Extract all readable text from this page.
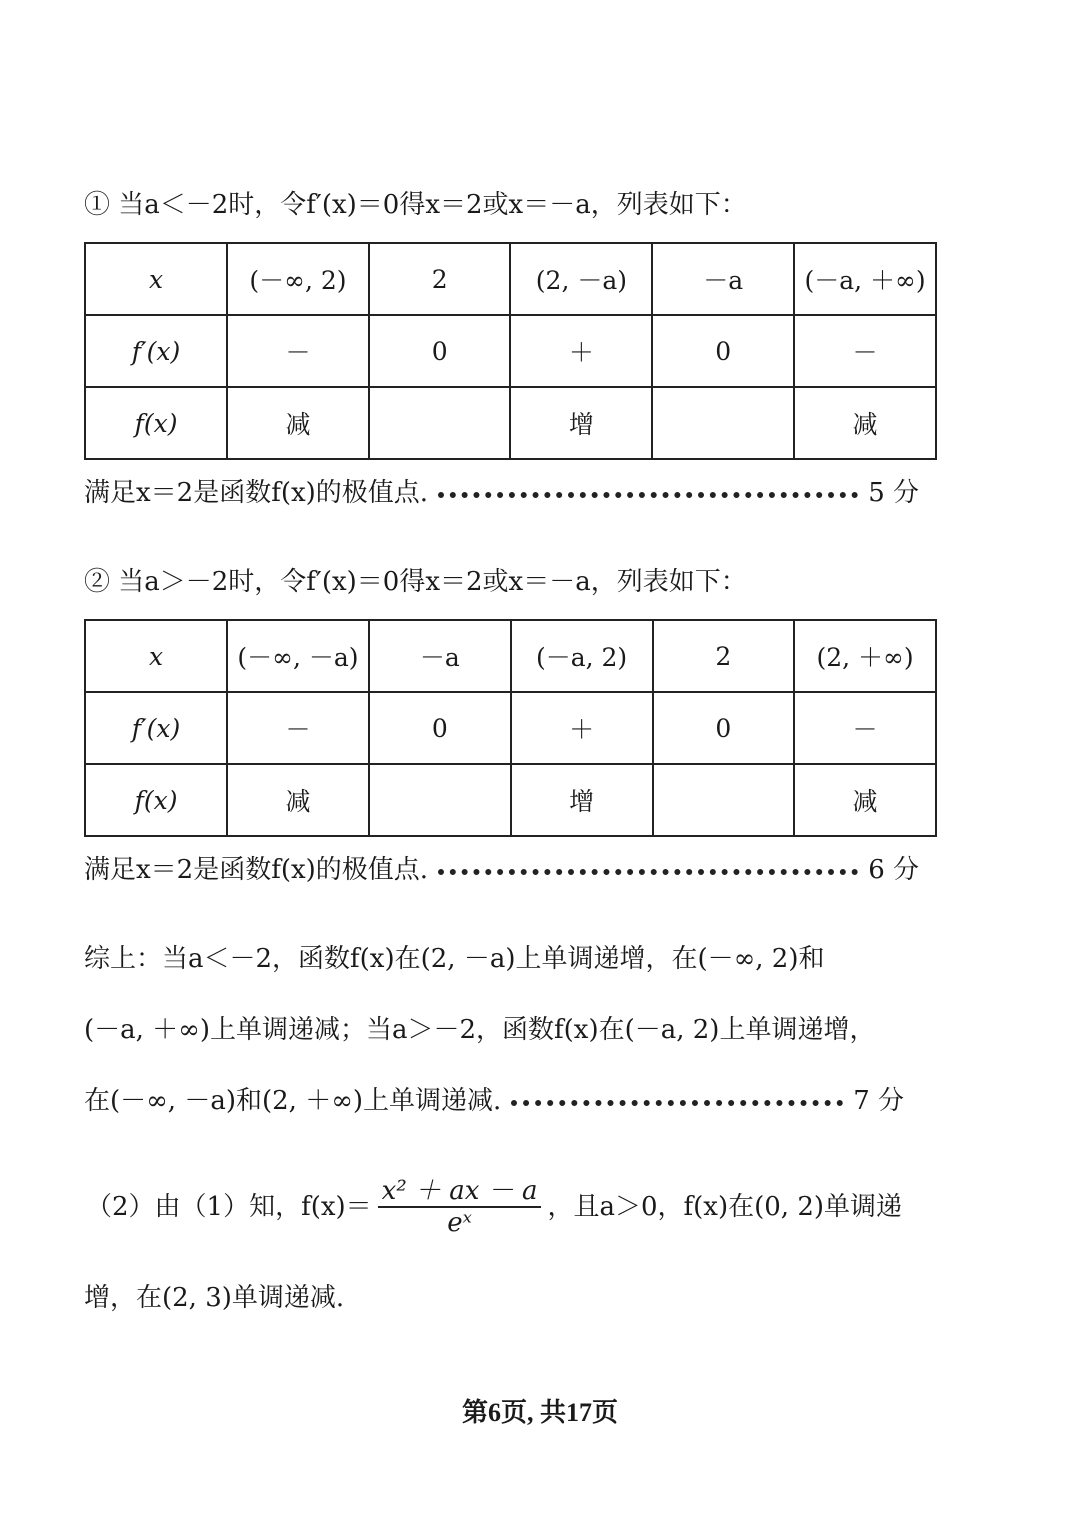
① 当a＜－2时，令f′(x)＝0得x＝2或x＝－a，列表如下：
x	(－∞, 2)	2	(2, －a)	－a	(－a, ＋∞)
f′(x)	－	0	＋	0	－
f(x)	减		增		减
满足x＝2是函数f(x)的极值点.	5 分
② 当a＞－2时，令f′(x)＝0得x＝2或x＝－a，列表如下：
x	(－∞, －a)	－a	(－a, 2)	2	(2, ＋∞)
f′(x)	－	0	＋	0	－
f(x)	减		增		减
满足x＝2是函数f(x)的极值点.	6 分
综上：当a＜－2，函数f(x)在(2, －a)上单调递增，在(－∞, 2)和
(－a, ＋∞)上单调递减；当a＞－2，函数f(x)在(－a, 2)上单调递增，
在(－∞, －a)和(2, ＋∞)上单调递减.	7 分
（2）由（1）知，$f(x)= \frac{\text{x² ＋ ax － a}}{\text{eˣ}}$ ，且a＞0，f(x)在(0, 2)单调递
增，在(2, 3)单调递减.
第6页, 共17页
